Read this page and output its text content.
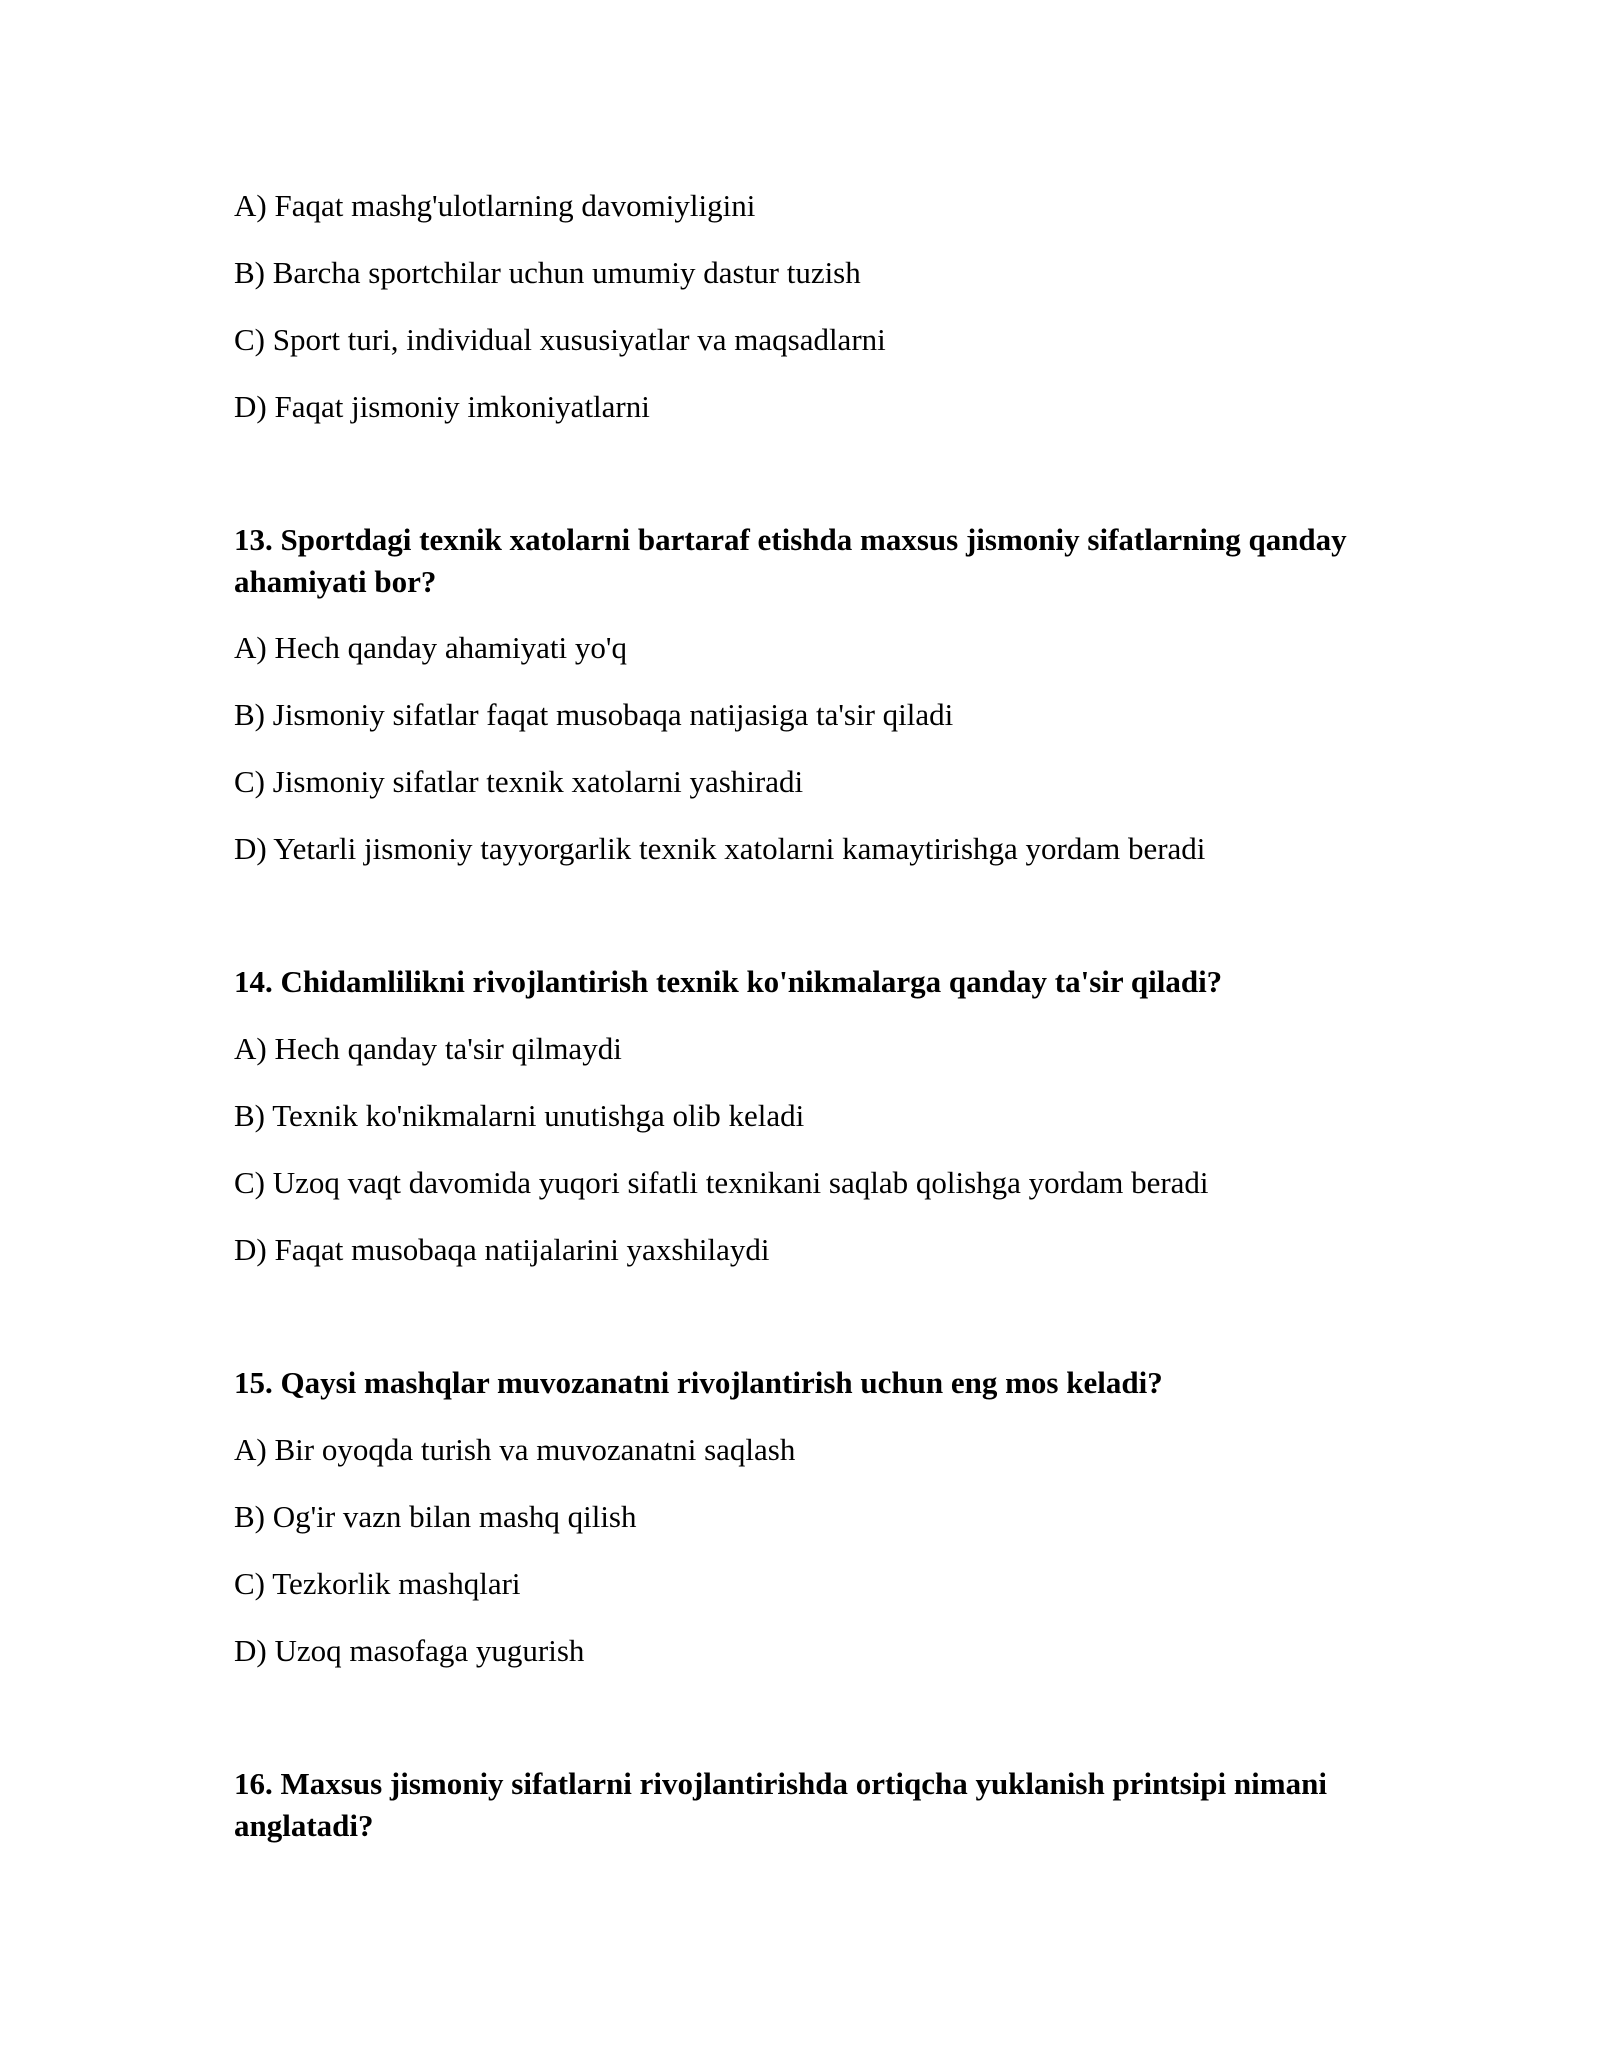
A) Faqat mashg'ulotlarning davomiyligini
B) Barcha sportchilar uchun umumiy dastur tuzish
C) Sport turi, individual xususiyatlar va maqsadlarni
D) Faqat jismoniy imkoniyatlarni
13. Sportdagi texnik xatolarni bartaraf etishda maxsus jismoniy sifatlarning qanday ahamiyati bor?
A) Hech qanday ahamiyati yo'q
B) Jismoniy sifatlar faqat musobaqa natijasiga ta'sir qiladi
C) Jismoniy sifatlar texnik xatolarni yashiradi
D) Yetarli jismoniy tayyorgarlik texnik xatolarni kamaytirishga yordam beradi
14. Chidamlilikni rivojlantirish texnik ko'nikmalarga qanday ta'sir qiladi?
A) Hech qanday ta'sir qilmaydi
B) Texnik ko'nikmalarni unutishga olib keladi
C) Uzoq vaqt davomida yuqori sifatli texnikani saqlab qolishga yordam beradi
D) Faqat musobaqa natijalarini yaxshilaydi
15. Qaysi mashqlar muvozanatni rivojlantirish uchun eng mos keladi?
A) Bir oyoqda turish va muvozanatni saqlash
B) Og'ir vazn bilan mashq qilish
C) Tezkorlik mashqlari
D) Uzoq masofaga yugurish
16. Maxsus jismoniy sifatlarni rivojlantirishda ortiqcha yuklanish printsipi nimani anglatadi?
